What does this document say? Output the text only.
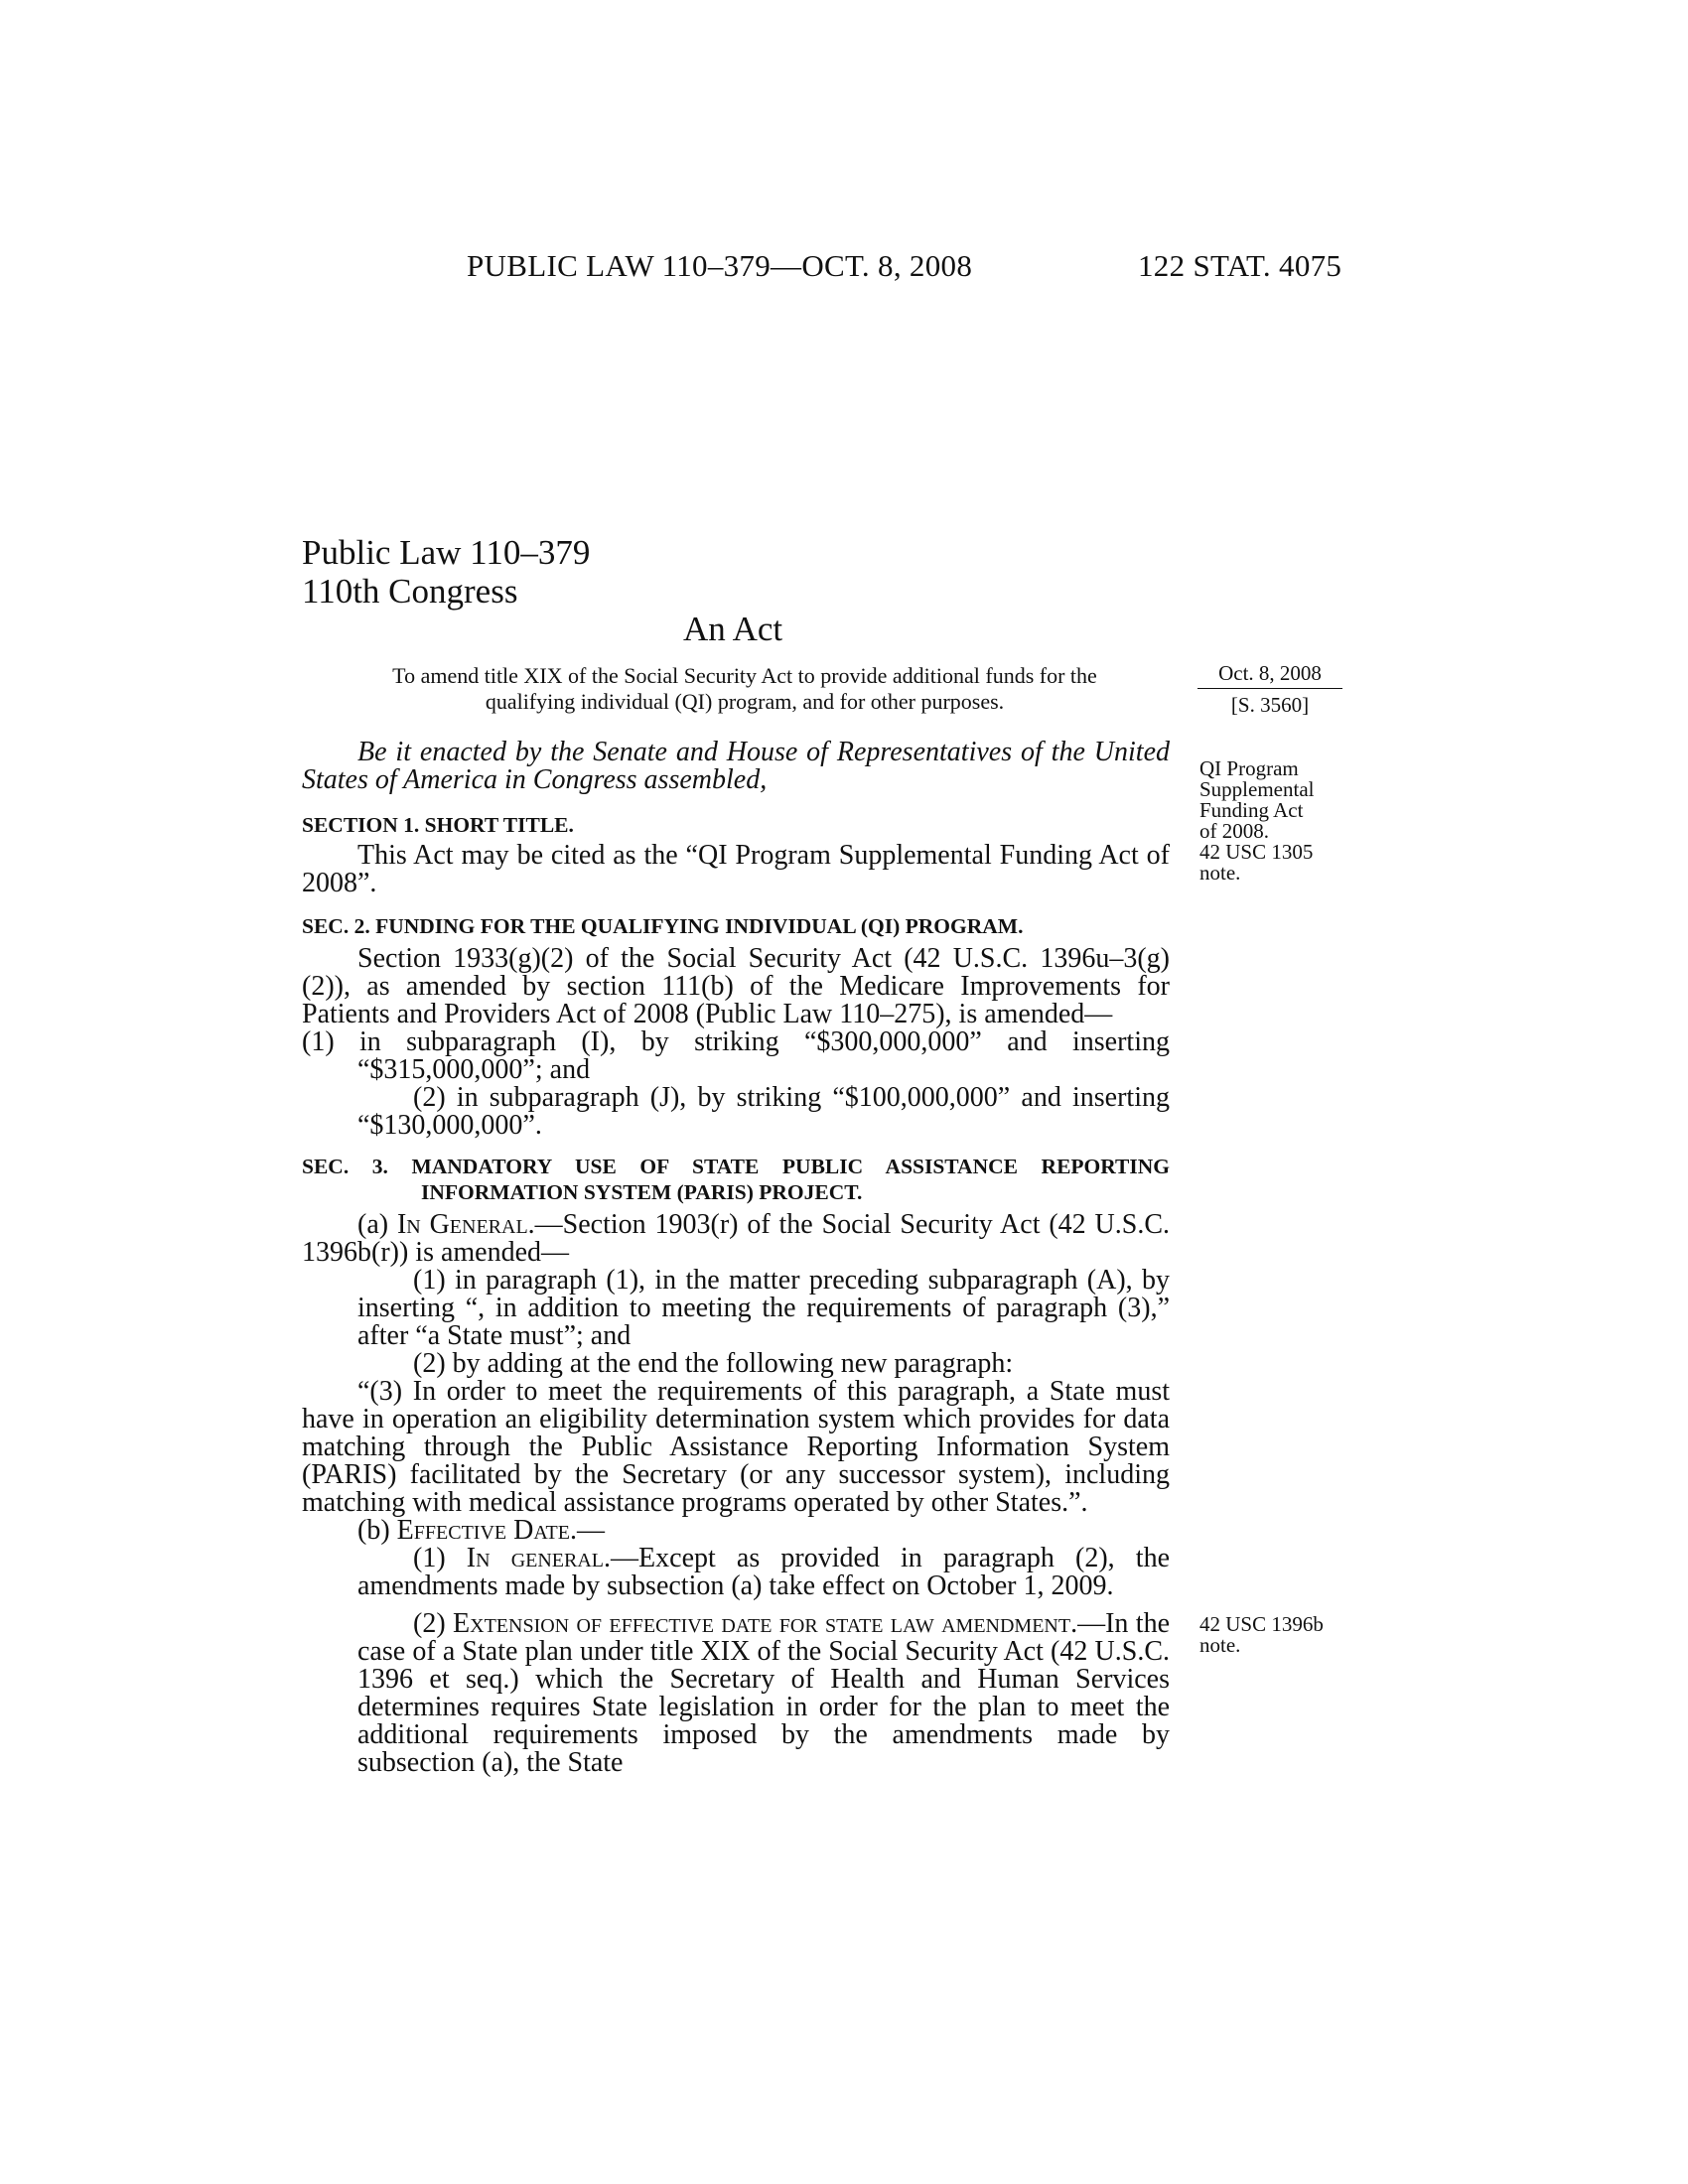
PUBLIC LAW 110–379—OCT. 8, 2008	122 STAT. 4075
Public Law 110–379
110th Congress
An Act
To amend title XIX of the Social Security Act to provide additional funds for the qualifying individual (QI) program, and for other purposes.
Oct. 8, 2008
[S. 3560]
QI Program
Supplemental
Funding Act
of 2008.
42 USC 1305
note.
42 USC 1396b
note.

Be it enacted by the Senate and House of Representatives of the United States of America in Congress assembled,

SECTION 1. SHORT TITLE.

This Act may be cited as the “QI Program Supplemental Funding Act of 2008”.

SEC. 2. FUNDING FOR THE QUALIFYING INDIVIDUAL (QI) PROGRAM.

Section 1933(g)(2) of the Social Security Act (42 U.S.C. 1396u–3(g)(2)), as amended by section 111(b) of the Medicare Improvements for Patients and Providers Act of 2008 (Public Law 110–275), is amended—

(1) in subparagraph (I), by striking “$300,000,000” and inserting “$315,000,000”; and

(2) in subparagraph (J), by striking “$100,000,000” and inserting “$130,000,000”.

SEC. 3. MANDATORY USE OF STATE PUBLIC ASSISTANCE REPORTING INFORMATION SYSTEM (PARIS) PROJECT.

(a) In General.—Section 1903(r) of the Social Security Act (42 U.S.C. 1396b(r)) is amended—

(1) in paragraph (1), in the matter preceding subparagraph (A), by inserting “, in addition to meeting the requirements of paragraph (3),” after “a State must”; and

(2) by adding at the end the following new paragraph:

“(3) In order to meet the requirements of this paragraph, a State must have in operation an eligibility determination system which provides for data matching through the Public Assistance Reporting Information System (PARIS) facilitated by the Secretary (or any successor system), including matching with medical assistance programs operated by other States.”.

(b) Effective Date.—

(1) In general.—Except as provided in paragraph (2), the amendments made by subsection (a) take effect on October 1, 2009.

(2) Extension of effective date for state law amendment.—In the case of a State plan under title XIX of the Social Security Act (42 U.S.C. 1396 et seq.) which the Secretary of Health and Human Services determines requires State legislation in order for the plan to meet the additional requirements imposed by the amendments made by subsection (a), the State
